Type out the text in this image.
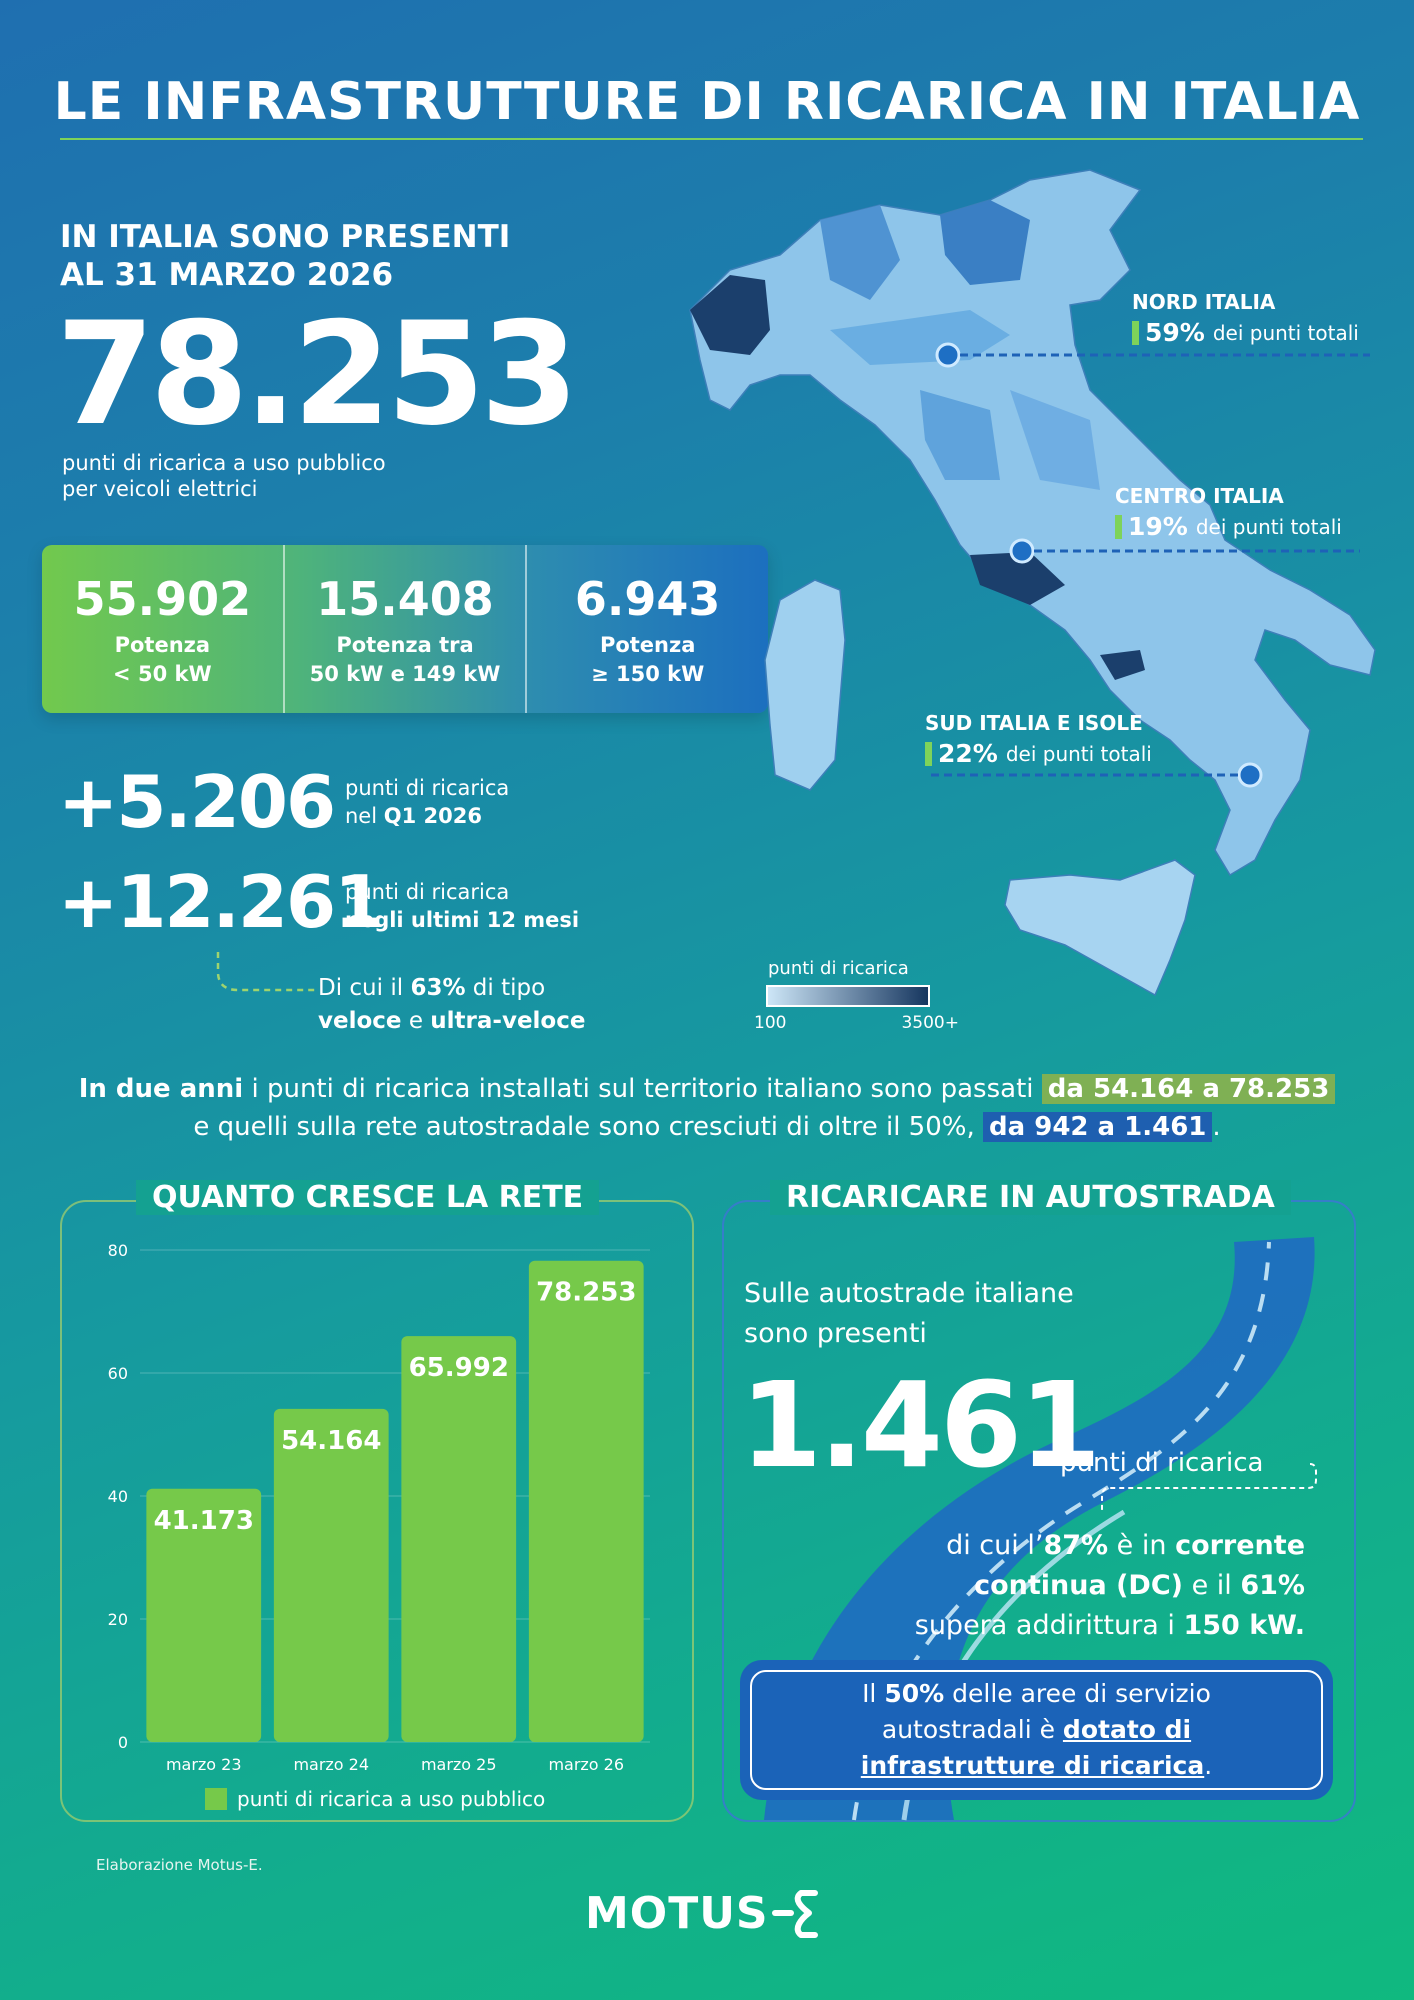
LE INFRASTRUTTURE DI RICARICA IN ITALIA
IN ITALIA SONO PRESENTI
AL 31 MARZO 2026
78.253
punti di ricarica a uso pubblico
per veicoli elettrici
55.902
Potenza
< 50 kW
15.408
Potenza tra
50 kW e 149 kW
6.943
Potenza
≥ 150 kW
+5.206 punti di ricarica
nel Q1 2026
+12.261
punti di ricarica
negli ultimi 12 mesi
Di cui il 63% di tipo
veloce e ultra-veloce
NORD ITALIA
59% dei punti totali
CENTRO ITALIA
19% dei punti totali
SUD ITALIA E ISOLE
22% dei punti totali
punti di ricarica
100	3500+
In due anni i punti di ricarica installati sul territorio italiano sono passati da 54.164 a 78.253
e quelli sulla rete autostradale sono cresciuti di oltre il 50%, da 942 a 1.461 .
QUANTO CRESCE LA RETE
0
20
40
60
80
41.173
marzo 23
54.164
marzo 24
65.992
marzo 25
78.253
marzo 26
punti di ricarica a uso pubblico
RICARICARE IN AUTOSTRADA
Sulle autostrade italiane
sono presenti
1.461
punti di ricarica
di cui l’87% è in corrente
continua (DC) e il 61%
supera addirittura i 150 kW.
Il 50% delle aree di servizio
autostradali è dotato di
infrastrutture di ricarica.
Elaborazione Motus-E.
MOTUS
